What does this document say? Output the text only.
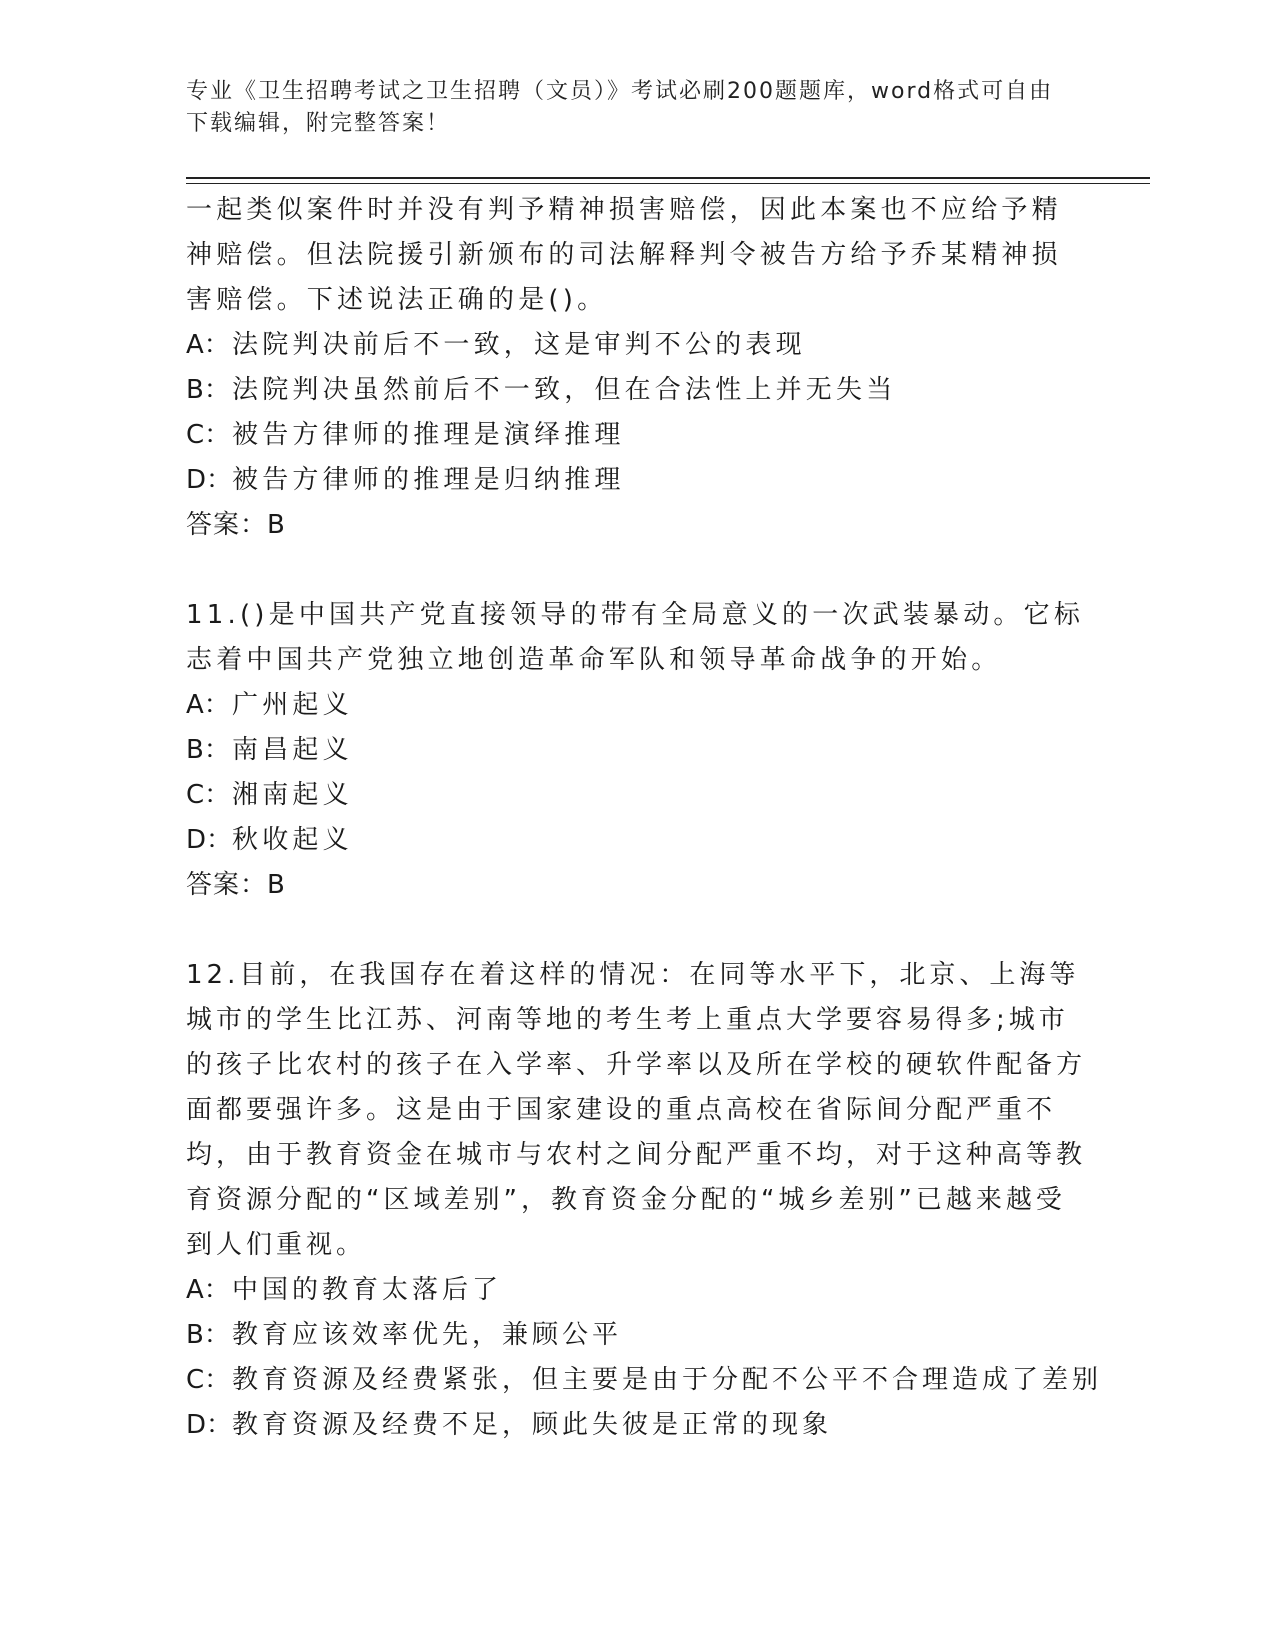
专业《卫生招聘考试之卫生招聘（文员）》考试必刷200题题库，word格式可自由下载编辑，附完整答案！

一起类似案件时并没有判予精神损害赔偿，因此本案也不应给予精神赔偿。但法院援引新颁布的司法解释判令被告方给予乔某精神损害赔偿。下述说法正确的是()。

A：法院判决前后不一致，这是审判不公的表现

B：法院判决虽然前后不一致，但在合法性上并无失当

C：被告方律师的推理是演绎推理

D：被告方律师的推理是归纳推理

答案：B

11.()是中国共产党直接领导的带有全局意义的一次武装暴动。它标志着中国共产党独立地创造革命军队和领导革命战争的开始。

A：广州起义

B：南昌起义

C：湘南起义

D：秋收起义

答案：B

12.目前，在我国存在着这样的情况：在同等水平下，北京、上海等城市的学生比江苏、河南等地的考生考上重点大学要容易得多;城市的孩子比农村的孩子在入学率、升学率以及所在学校的硬软件配备方面都要强许多。这是由于国家建设的重点高校在省际间分配严重不均，由于教育资金在城市与农村之间分配严重不均，对于这种高等教育资源分配的“区域差别”，教育资金分配的“城乡差别”已越来越受到人们重视。

A：中国的教育太落后了

B：教育应该效率优先，兼顾公平

C：教育资源及经费紧张，但主要是由于分配不公平不合理造成了差别

D：教育资源及经费不足，顾此失彼是正常的现象
